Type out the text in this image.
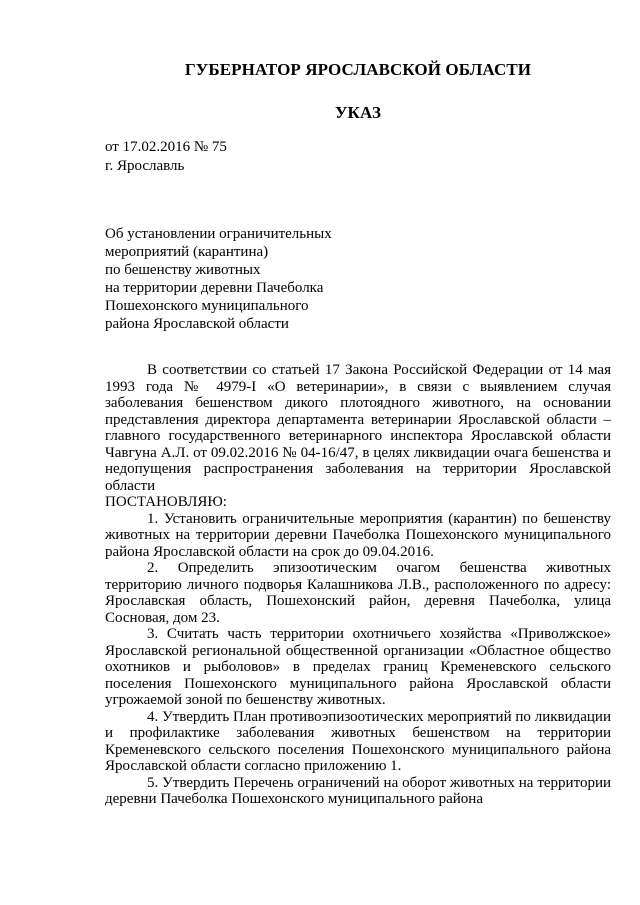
ГУБЕРНАТОР ЯРОСЛАВСКОЙ ОБЛАСТИ
УКАЗ
от 17.02.2016 № 75
г. Ярославль
Об установлении ограничительных
мероприятий (карантина)
по бешенству животных
на территории деревни Пачеболка
Пошехонского муниципального
района Ярославской области

В соответствии со статьей 17 Закона Российской Федерации от 14 мая 1993 года № 4979-I «О ветеринарии», в связи с выявлением случая заболевания бешенством дикого плотоядного животного, на основании представления директора департамента ветеринарии Ярославской области – главного государственного ветеринарного инспектора Ярославской области Чавгуна А.Л. от 09.02.2016 № 04-16/47, в целях ликвидации очага бешенства и недопущения распространения заболевания на территории Ярославской области

ПОСТАНОВЛЯЮ:

1. Установить ограничительные мероприятия (карантин) по бешенству животных на территории деревни Пачеболка Пошехонского муниципального района Ярославской области на срок до 09.04.2016.

2. Определить эпизоотическим очагом бешенства животных территорию личного подворья Калашникова Л.В., расположенного по адресу: Ярославская область, Пошехонский район, деревня Пачеболка, улица Сосновая, дом 23.

3. Считать часть территории охотничьего хозяйства «Приволжское» Ярославской региональной общественной организации «Областное общество охотников и рыболовов» в пределах границ Кременевского сельского поселения Пошехонского муниципального района Ярославской области угрожаемой зоной по бешенству животных.

4. Утвердить План противоэпизоотических мероприятий по ликвидации и профилактике заболевания животных бешенством на территории Кременевского сельского поселения Пошехонского муниципального района Ярославской области согласно приложению 1.

5. Утвердить Перечень ограничений на оборот животных на территории деревни Пачеболка Пошехонского муниципального района
